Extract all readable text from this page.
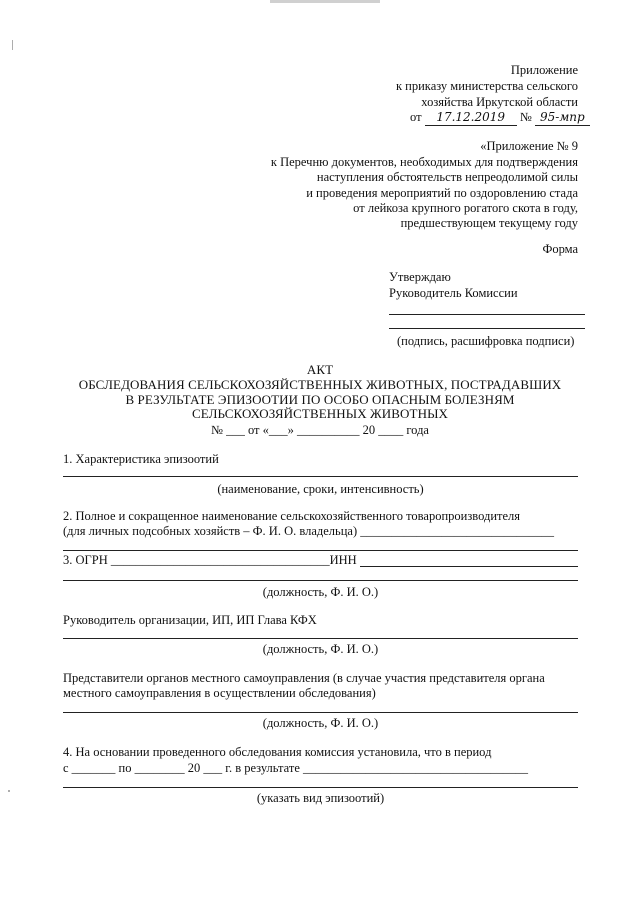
Приложение
к приказу министерства сельского
хозяйства Иркутской области
от 17.12.2019 № 95-мпр
«Приложение № 9
к Перечню документов, необходимых для подтверждения
наступления обстоятельств непреодолимой силы
и проведения мероприятий по оздоровлению стада
от лейкоза крупного рогатого скота в году,
предшествующем текущему году
Форма
Утверждаю
Руководитель Комиссии
(подпись, расшифровка подписи)
АКТ
ОБСЛЕДОВАНИЯ СЕЛЬСКОХОЗЯЙСТВЕННЫХ ЖИВОТНЫХ, ПОСТРАДАВШИХ
В РЕЗУЛЬТАТЕ ЭПИЗООТИИ ПО ОСОБО ОПАСНЫМ БОЛЕЗНЯМ
СЕЛЬСКОХОЗЯЙСТВЕННЫХ ЖИВОТНЫХ
№ ___ от «___» __________ 20 ____ года
1. Характеристика эпизоотий
(наименование, сроки, интенсивность)
2. Полное и сокращенное наименование сельскохозяйственного товаропроизводителя
(для личных подсобных хозяйств – Ф. И. О. владельца) _______________________________
3. ОГРН ___________________________________ИНН
(должность, Ф. И. О.)
Руководитель организации, ИП, ИП Глава КФХ
(должность, Ф. И. О.)
Представители органов местного самоуправления (в случае участия представителя органа
местного самоуправления в осуществлении обследования)
(должность, Ф. И. О.)
4. На основании проведенного обследования комиссия установила, что в период
с _______ по ________ 20 ___ г. в результате ____________________________________
(указать вид эпизоотий)
